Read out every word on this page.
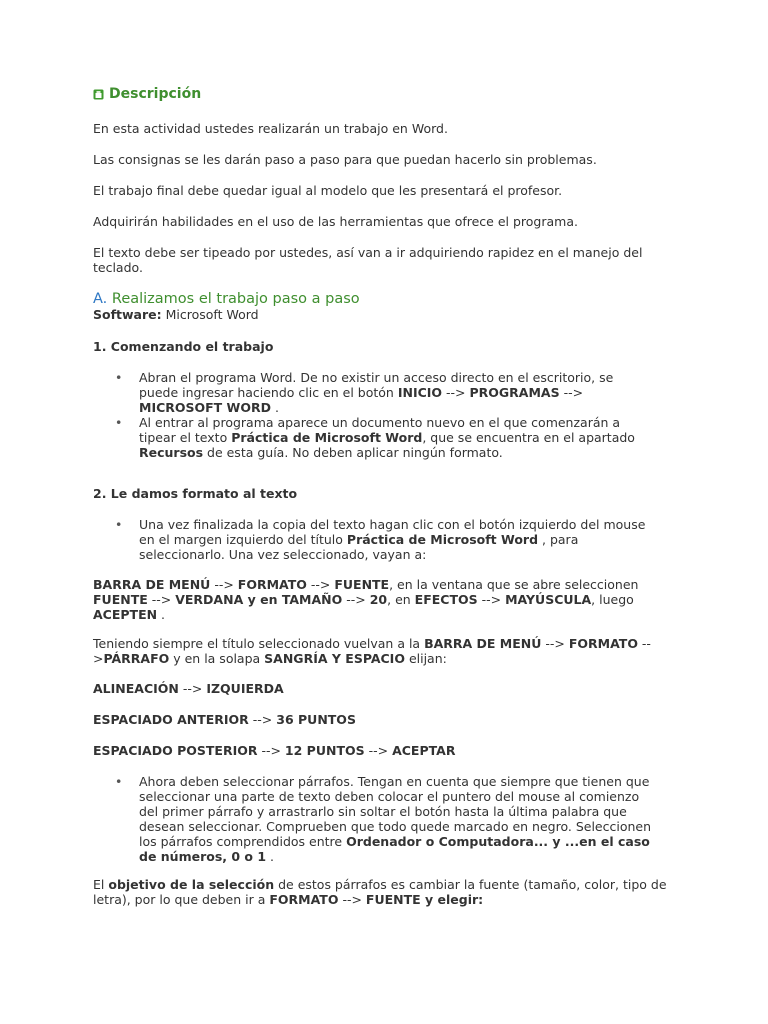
Descripción

En esta actividad ustedes realizarán un trabajo en Word.

Las consignas se les darán paso a paso para que puedan hacerlo sin problemas.

El trabajo final debe quedar igual al modelo que les presentará el profesor.

Adquirirán habilidades en el uso de las herramientas que ofrece el programa.

El texto debe ser tipeado por ustedes, así van a ir adquiriendo rapidez en el manejo del teclado.

A. Realizamos el trabajo paso a paso

Software: Microsoft Word

1. Comenzando el trabajo

• Abran el programa Word. De no existir un acceso directo en el escritorio, se puede ingresar haciendo clic en el botón INICIO --> PROGRAMAS --> MICROSOFT WORD .
• Al entrar al programa aparece un documento nuevo en el que comenzarán a tipear el texto Práctica de Microsoft Word, que se encuentra en el apartado Recursos de esta guía. No deben aplicar ningún formato.

2. Le damos formato al texto

• Una vez finalizada la copia del texto hagan clic con el botón izquierdo del mouse en el margen izquierdo del título Práctica de Microsoft Word , para seleccionarlo. Una vez seleccionado, vayan a:

BARRA DE MENÚ --> FORMATO --> FUENTE, en la ventana que se abre seleccionen FUENTE --> VERDANA y en TAMAÑO --> 20, en EFECTOS --> MAYÚSCULA, luego ACEPTEN .

Teniendo siempre el título seleccionado vuelvan a la BARRA DE MENÚ --> FORMATO -->PÁRRAFO y en la solapa SANGRÍA Y ESPACIO elijan:

ALINEACIÓN --> IZQUIERDA

ESPACIADO ANTERIOR --> 36 PUNTOS

ESPACIADO POSTERIOR --> 12 PUNTOS --> ACEPTAR

• Ahora deben seleccionar párrafos. Tengan en cuenta que siempre que tienen que seleccionar una parte de texto deben colocar el puntero del mouse al comienzo del primer párrafo y arrastrarlo sin soltar el botón hasta la última palabra que desean seleccionar. Comprueben que todo quede marcado en negro. Seleccionen los párrafos comprendidos entre Ordenador o Computadora... y ...en el caso de números, 0 o 1 .

El objetivo de la selección de estos párrafos es cambiar la fuente (tamaño, color, tipo de letra), por lo que deben ir a FORMATO --> FUENTE y elegir:
